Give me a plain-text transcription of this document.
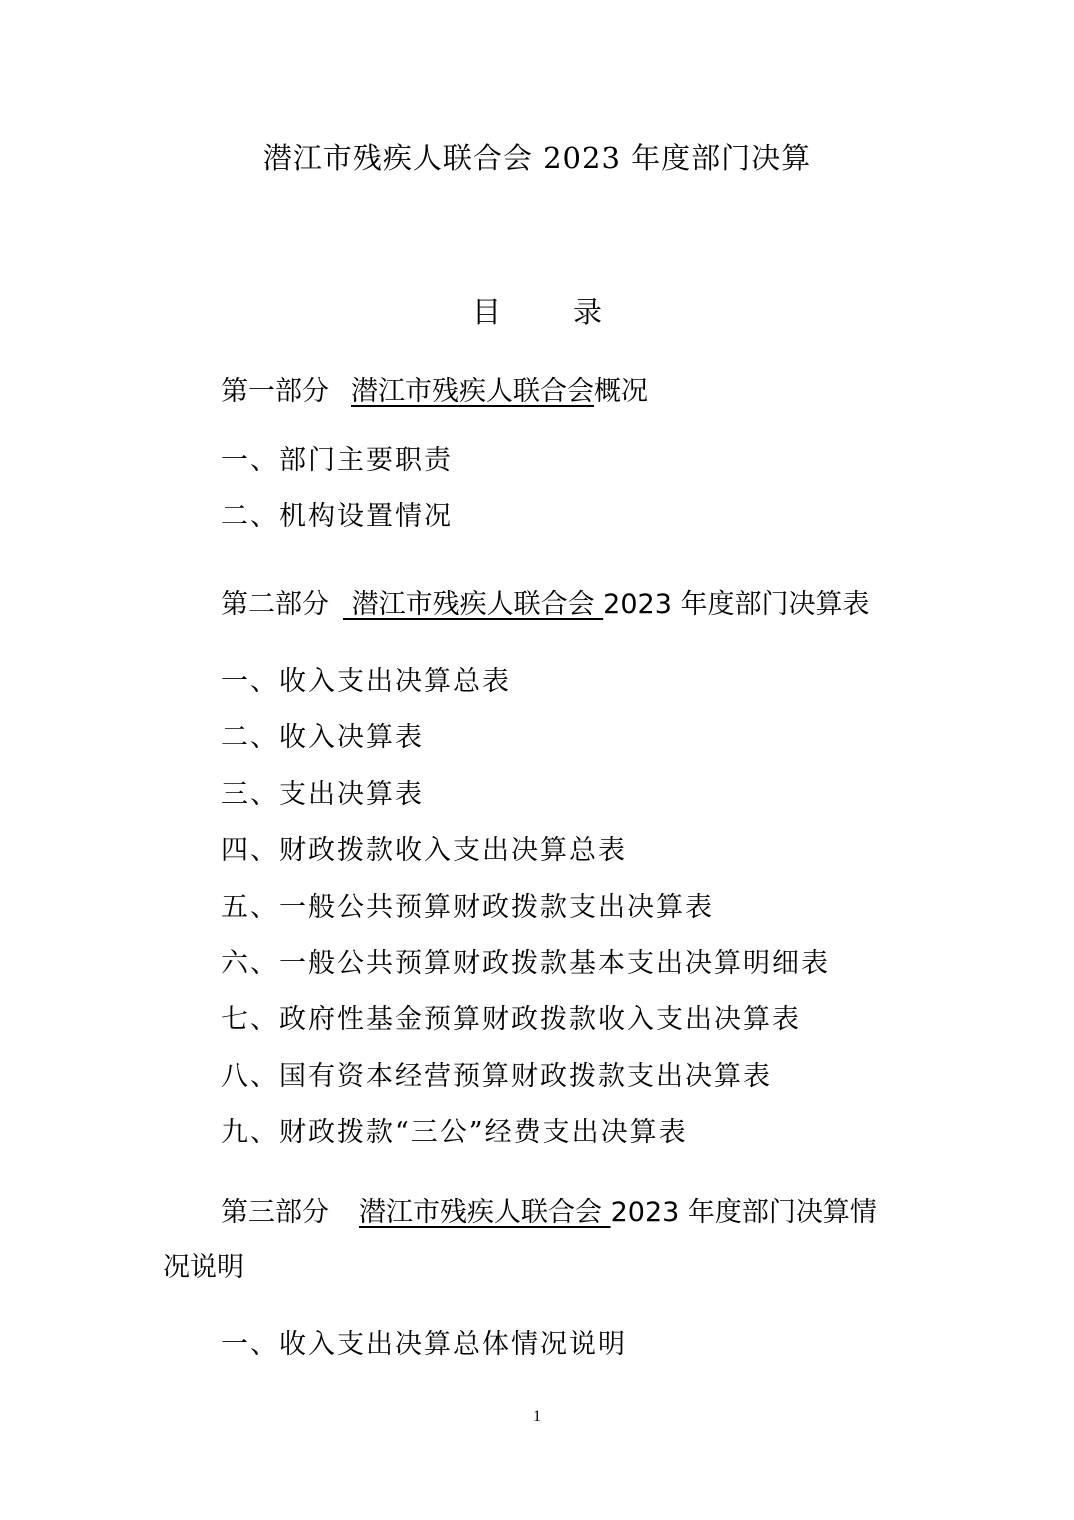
潜江市残疾人联合会 2023 年度部门决算
目 录
第一部分 潜江市残疾人联合会概况
一、部门主要职责
二、机构设置情况
第二部分 潜江市残疾人联合会 2023 年度部门决算表
一、收入支出决算总表
二、收入决算表
三、支出决算表
四、财政拨款收入支出决算总表
五、一般公共预算财政拨款支出决算表
六、一般公共预算财政拨款基本支出决算明细表
七、政府性基金预算财政拨款收入支出决算表
八、国有资本经营预算财政拨款支出决算表
九、财政拨款“三公”经费支出决算表
第三部分 潜江市残疾人联合会 2023 年度部门决算情
况说明
一、收入支出决算总体情况说明
1
